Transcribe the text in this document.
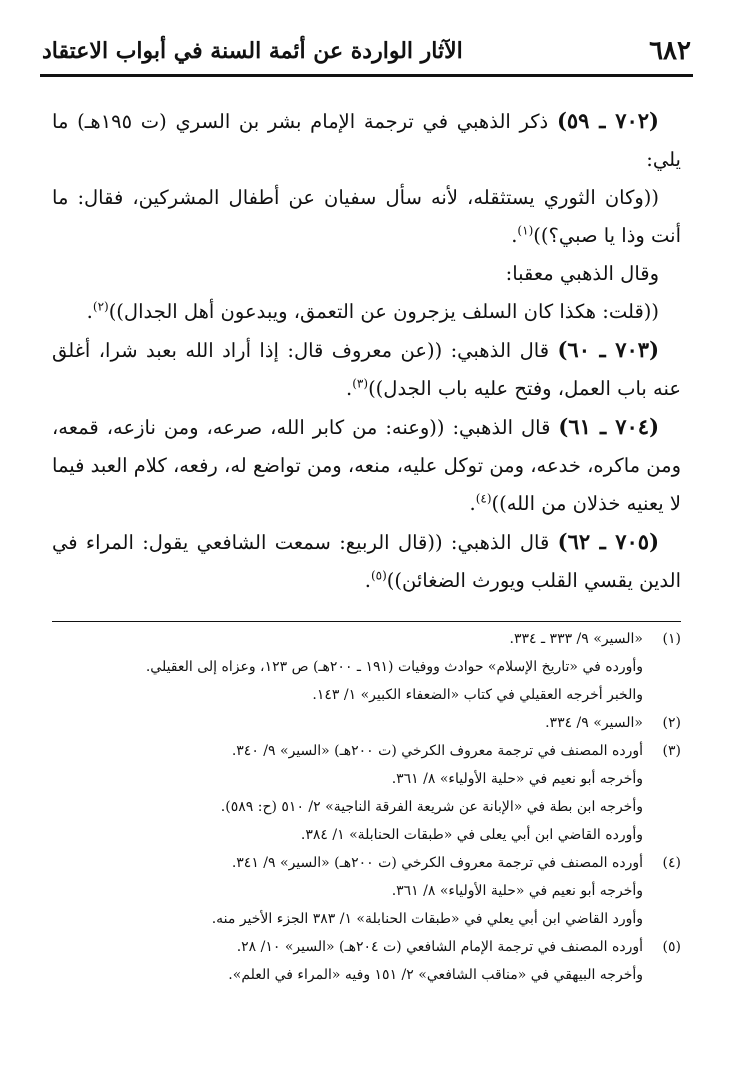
٦٨٢
الآثار الواردة عن أئمة السنة في أبواب الاعتقاد

(٧٠٢ ـ ٥٩) ذكر الذهبي في ترجمة الإمام بشر بن السري (ت ١٩٥هـ) ما يلي:

((وكان الثوري يستثقله، لأنه سأل سفيان عن أطفال المشركين، فقال: ما أنت وذا يا صبي؟))$^{(١)}$.

وقال الذهبي معقبا:

((قلت: هكذا كان السلف يزجرون عن التعمق، ويبدعون أهل الجدال))$^{(٢)}$.

(٧٠٣ ـ ٦٠) قال الذهبي: ((عن معروف قال: إذا أراد الله بعبد شرا، أغلق عنه باب العمل، وفتح عليه باب الجدل))$^{(٣)}$.

(٧٠٤ ـ ٦١) قال الذهبي: ((وعنه: من كابر الله، صرعه، ومن نازعه، قمعه، ومن ماكره، خدعه، ومن توكل عليه، منعه، ومن تواضع له، رفعه، كلام العبد فيما لا يعنيه خذلان من الله))$^{(٤)}$.

(٧٠٥ ـ ٦٢) قال الذهبي: ((قال الربيع: سمعت الشافعي يقول: المراء في الدين يقسي القلب ويورث الضغائن))$^{(٥)}$.

(١)
«السير» ٩/ ٣٣٣ ـ ٣٣٤.
وأورده في «تاريخ الإسلام» حوادث ووفيات (١٩١ ـ ٢٠٠هـ) ص ١٢٣، وعزاه إلى العقيلي.
والخبر أخرجه العقيلي في كتاب «الضعفاء الكبير» ١/ ١٤٣.
(٢)
«السير» ٩/ ٣٣٤.
(٣)
أورده المصنف في ترجمة معروف الكرخي (ت ٢٠٠هـ) «السير» ٩/ ٣٤٠.
وأخرجه أبو نعيم في «حلية الأولياء» ٨/ ٣٦١.
وأخرجه ابن بطة في «الإبانة عن شريعة الفرقة الناجية» ٢/ ٥١٠ (ح: ٥٨٩).
وأورده القاضي ابن أبي يعلى في «طبقات الحنابلة» ١/ ٣٨٤.
(٤)
أورده المصنف في ترجمة معروف الكرخي (ت ٢٠٠هـ) «السير» ٩/ ٣٤١.
وأخرجه أبو نعيم في «حلية الأولياء» ٨/ ٣٦١.
وأورد القاضي ابن أبي يعلي في «طبقات الحنابلة» ١/ ٣٨٣ الجزء الأخير منه.
(٥)
أورده المصنف في ترجمة الإمام الشافعي (ت ٢٠٤هـ) «السير» ١٠/ ٢٨.
وأخرجه البيهقي في «مناقب الشافعي» ٢/ ١٥١ وفيه «المراء في العلم».
